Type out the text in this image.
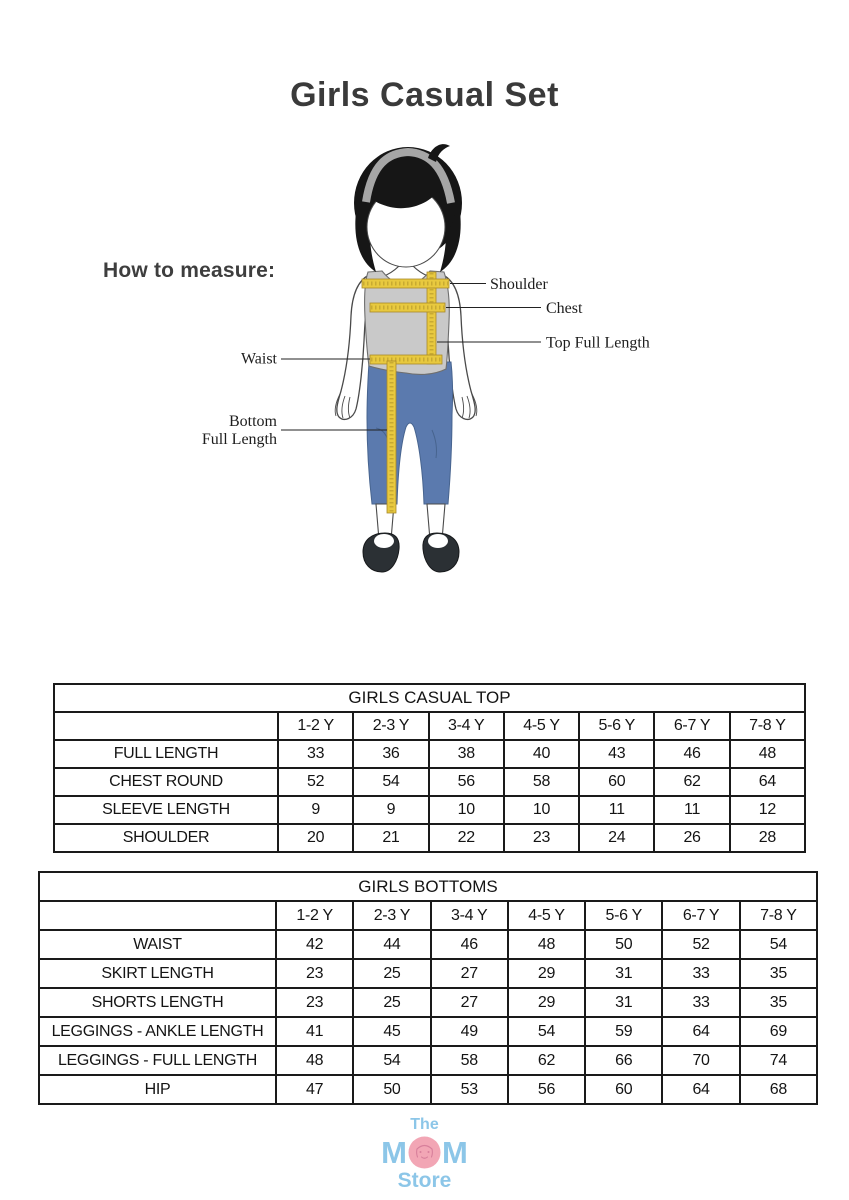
Girls Casual Set
How to measure:
Shoulder
Chest
Top Full Length
Waist
Bottom
Full Length
GIRLS CASUAL TOP							
	1-2 Y	2-3 Y	3-4 Y	4-5 Y	5-6 Y	6-7 Y	7-8 Y
FULL LENGTH	33	36	38	40	43	46	48
CHEST ROUND	52	54	56	58	60	62	64
SLEEVE LENGTH	9	9	10	10	11	11	12
SHOULDER	20	21	22	23	24	26	28
GIRLS BOTTOMS							
	1-2 Y	2-3 Y	3-4 Y	4-5 Y	5-6 Y	6-7 Y	7-8 Y
WAIST	42	44	46	48	50	52	54
SKIRT LENGTH	23	25	27	29	31	33	35
SHORTS LENGTH	23	25	27	29	31	33	35
LEGGINGS - ANKLE LENGTH	41	45	49	54	59	64	69
LEGGINGS - FULL LENGTH	48	54	58	62	66	70	74
HIP	47	50	53	56	60	64	68
The
M M
Store
